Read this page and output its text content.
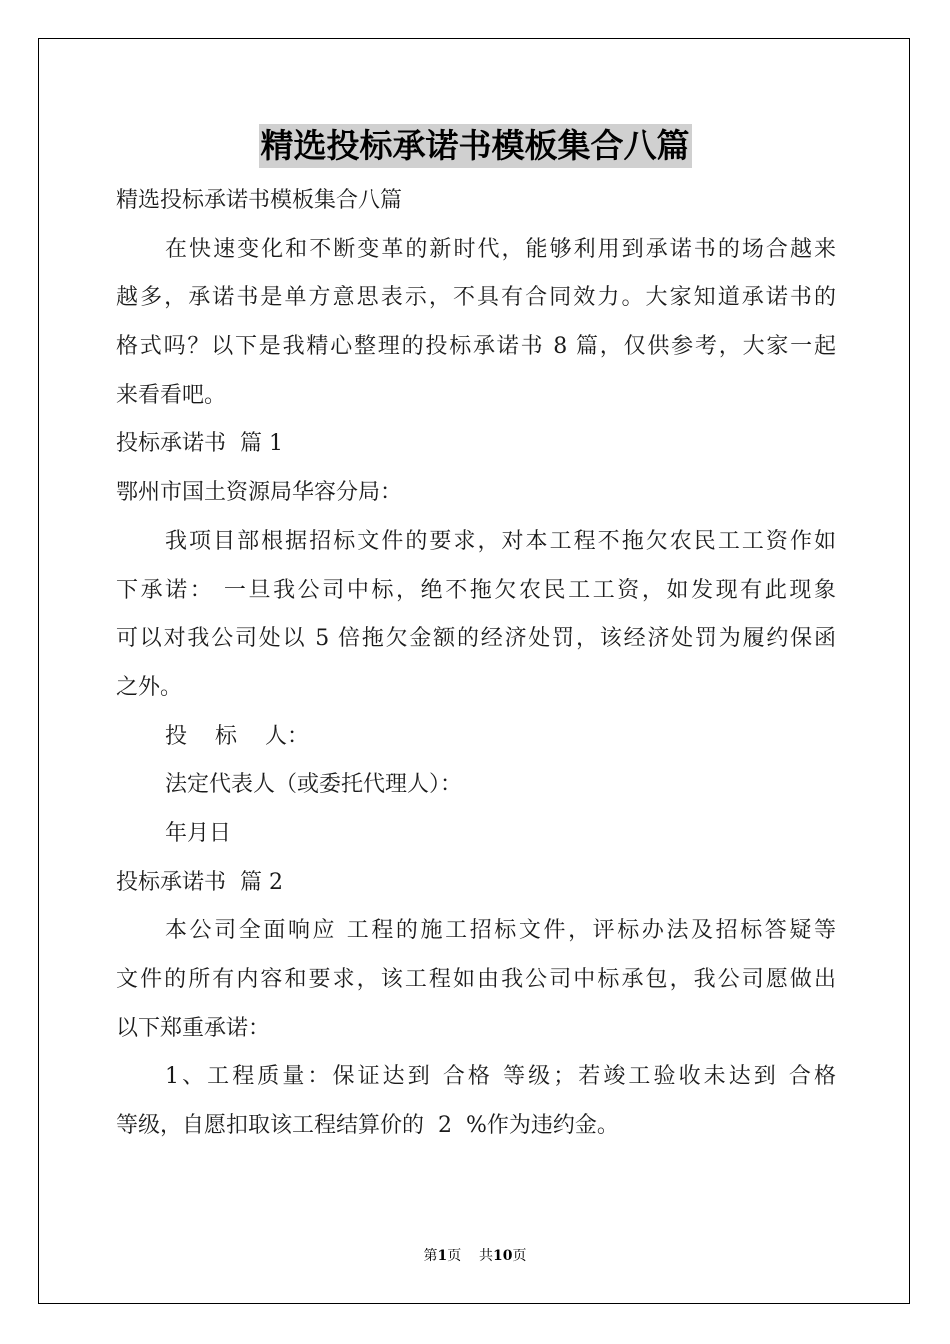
精选投标承诺书模板集合八篇
精选投标承诺书模板集合八篇
在快速变化和不断变革的新时代，能够利用到承诺书的场合越来
越多，承诺书是单方意思表示，不具有合同效力。大家知道承诺书的
格式吗？以下是我精心整理的投标承诺书 8 篇，仅供参考，大家一起
来看看吧。
投标承诺书  篇 1
鄂州市国土资源局华容分局：
我项目部根据招标文件的要求，对本工程不拖欠农民工工资作如
下承诺： 一旦我公司中标，绝不拖欠农民工工资，如发现有此现象
可以对我公司处以 5 倍拖欠金额的经济处罚，该经济处罚为履约保函
之外。
投    标    人：
法定代表人（或委托代理人）：
年月日
投标承诺书  篇 2
本公司全面响应 工程的施工招标文件，评标办法及招标答疑等
文件的所有内容和要求，该工程如由我公司中标承包，我公司愿做出
以下郑重承诺：
1、工程质量：保证达到 合格 等级；若竣工验收未达到 合格
等级，自愿扣取该工程结算价的  2  %作为违约金。
第1页    共10页
